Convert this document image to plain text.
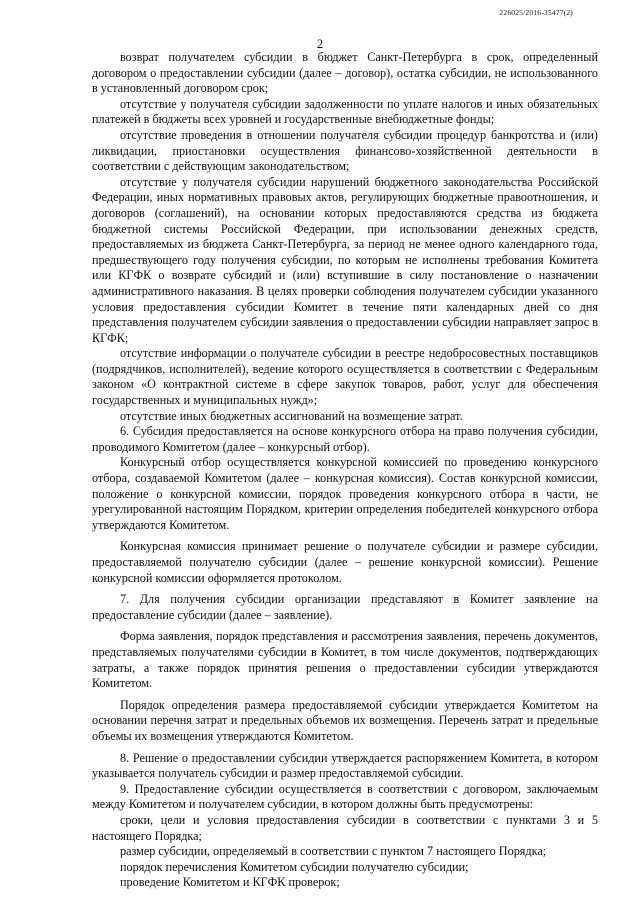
226025/2016-35477(2)
2

возврат получателем субсидии в бюджет Санкт-Петербурга в срок, определенный договором о предоставлении субсидии (далее – договор), остатка субсидии, не использованного в установленный договором срок;

отсутствие у получателя субсидии задолженности по уплате налогов и иных обязательных платежей в бюджеты всех уровней и государственные внебюджетные фонды;

отсутствие проведения в отношении получателя субсидии процедур банкротства и (или) ликвидации, приостановки осуществления финансово-хозяйственной деятельности в соответствии с действующим законодательством;

отсутствие у получателя субсидии нарушений бюджетного законодательства Российской Федерации, иных нормативных правовых актов, регулирующих бюджетные правоотношения, и договоров (соглашений), на основании которых предоставляются средства из бюджета бюджетной системы Российской Федерации, при использовании денежных средств, предоставляемых из бюджета Санкт-Петербурга, за период не менее одного календарного года, предшествующего году получения субсидии, по которым не исполнены требования Комитета или КГФК о возврате субсидий и (или) вступившие в силу постановление о назначении административного наказания. В целях проверки соблюдения получателем субсидии указанного условия предоставления субсидии Комитет в течение пяти календарных дней со дня представления получателем субсидии заявления о предоставлении субсидии направляет запрос в КГФК;

отсутствие информации о получателе субсидии в реестре недобросовестных поставщиков (подрядчиков, исполнителей), ведение которого осуществляется в соответствии с Федеральным законом «О контрактной системе в сфере закупок товаров, работ, услуг для обеспечения государственных и муниципальных нужд»;

отсутствие иных бюджетных ассигнований на возмещение затрат.

6. Субсидия предоставляется на основе конкурсного отбора на право получения субсидии, проводимого Комитетом (далее – конкурсный отбор).

Конкурсный отбор осуществляется конкурсной комиссией по проведению конкурсного отбора, создаваемой Комитетом (далее – конкурсная комиссия). Состав конкурсной комиссии, положение о конкурсной комиссии, порядок проведения конкурсного отбора в части, не урегулированной настоящим Порядком, критерии определения победителей конкурсного отбора утверждаются Комитетом.

Конкурсная комиссия принимает решение о получателе субсидии и размере субсидии, предоставляемой получателю субсидии (далее – решение конкурсной комиссии). Решение конкурсной комиссии оформляется протоколом.

7. Для получения субсидии организации представляют в Комитет заявление на предоставление субсидии (далее – заявление).

Форма заявления, порядок представления и рассмотрения заявления, перечень документов, представляемых получателями субсидии в Комитет, в том числе документов, подтверждающих затраты, а также порядок принятия решения о предоставлении субсидии утверждаются Комитетом.

Порядок определения размера предоставляемой субсидии утверждается Комитетом на основании перечня затрат и предельных объемов их возмещения. Перечень затрат и предельные объемы их возмещения утверждаются Комитетом.

8. Решение о предоставлении субсидии утверждается распоряжением Комитета, в котором указывается получатель субсидии и размер предоставляемой субсидии.

9. Предоставление субсидии осуществляется в соответствии с договором, заключаемым между Комитетом и получателем субсидии, в котором должны быть предусмотрены:

сроки, цели и условия предоставления субсидии в соответствии с пунктами 3 и 5 настоящего Порядка;

размер субсидии, определяемый в соответствии с пунктом 7 настоящего Порядка;

порядок перечисления Комитетом субсидии получателю субсидии;

проведение Комитетом и КГФК проверок;
